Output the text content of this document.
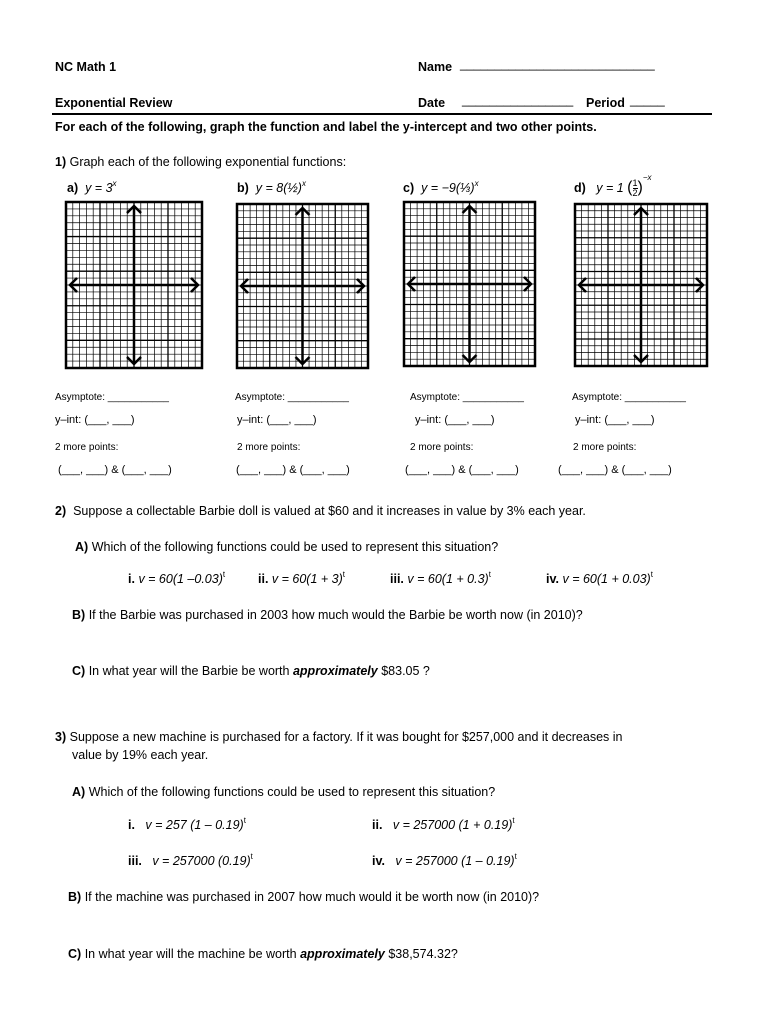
NC Math 1	Name ____________________________
Exponential Review	Date ________________ Period _____
For each of the following, graph the function and label the y-intercept and two other points.
1) Graph each of the following exponential functions:
a) $y = 3^x$	b) y = 8(½)$^x$	c) y = −9(⅓)$^x$	d) y = 1 ( $\frac{1}{2} )^{-x}$
Asymptote: ___________	Asymptote: ___________	Asymptote: ___________	Asymptote: ___________
y–int: (___, ___)	y–int: (___, ___)	y–int: (___, ___)	y–int: (___, ___)
2 more points:	2 more points:	2 more points:	2 more points:
(___, ___) & (___, ___)	(___, ___) & (___, ___)	(___, ___) & (___, ___)	(___, ___) & (___, ___)
2) Suppose a collectable Barbie doll is valued at $60 and it increases in value by 3% each year.
A) Which of the following functions could be used to represent this situation?
i. v = 60(1 –0.03)$^t$	ii. $v = 60(1 + 3)^t$	iii. $v = 60(1 + 0.3)^t$	iv. $v = 60(1 + 0.03)^t$
B) If the Barbie was purchased in 2003 how much would the Barbie be worth now (in 2010)?
C) In what year will the Barbie be worth approximately $83.05 ?
3) Suppose a new machine is purchased for a factory. If it was bought for $257,000 and it decreases in
value by 19% each year.
A) Which of the following functions could be used to represent this situation?
i. v = 257 (1 – 0.19)$^t$	ii. v = 257000 $(1 + 0.19)^t$
iii. v = 257000 $(0.19)^t$	iv. v = 257000 (1 – 0.19)$^t$
B) If the machine was purchased in 2007 how much would it be worth now (in 2010)?
C) In what year will the machine be worth approximately $38,574.32?
